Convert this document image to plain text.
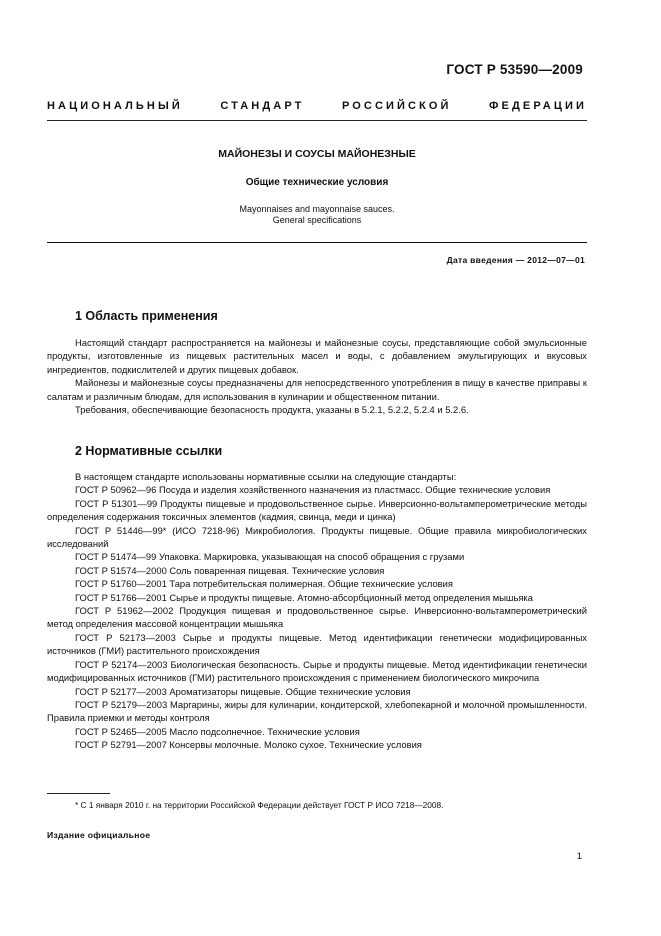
ГОСТ Р 53590—2009
НАЦИОНАЛЬНЫЙ СТАНДАРТ РОССИЙСКОЙ ФЕДЕРАЦИИ
МАЙОНЕЗЫ И СОУСЫ МАЙОНЕЗНЫЕ
Общие технические условия
Mayonnaises and mayonnaise sauces.
General specifications
Дата введения — 2012—07—01
1 Область применения

Настоящий стандарт распространяется на майонезы и майонезные соусы, представляющие собой эмульсионные продукты, изготовленные из пищевых растительных масел и воды, с добавлением эмульгирующих и вкусовых ингредиентов, подкислителей и других пищевых добавок.

Майонезы и майонезные соусы предназначены для непосредственного употребления в пищу в качестве приправы к салатам и различным блюдам, для использования в кулинарии и общественном питании.

Требования, обеспечивающие безопасность продукта, указаны в 5.2.1, 5.2.2, 5.2.4 и 5.2.6.

2 Нормативные ссылки

В настоящем стандарте использованы нормативные ссылки на следующие стандарты:

ГОСТ Р 50962—96 Посуда и изделия хозяйственного назначения из пластмасс. Общие технические условия

ГОСТ Р 51301—99 Продукты пищевые и продовольственное сырье. Инверсионно-вольтамперометрические методы определения содержания токсичных элементов (кадмия, свинца, меди и цинка)

ГОСТ Р 51446—99* (ИСО 7218-96) Микробиология. Продукты пищевые. Общие правила микробиологических исследований

ГОСТ Р 51474—99 Упаковка. Маркировка, указывающая на способ обращения с грузами

ГОСТ Р 51574—2000 Соль поваренная пищевая. Технические условия

ГОСТ Р 51760—2001 Тара потребительская полимерная. Общие технические условия

ГОСТ Р 51766—2001 Сырье и продукты пищевые. Атомно-абсорбционный метод определения мышьяка

ГОСТ Р 51962—2002 Продукция пищевая и продовольственное сырье. Инверсионно-вольтамперометрический метод определения массовой концентрации мышьяка

ГОСТ Р 52173—2003 Сырье и продукты пищевые. Метод идентификации генетически модифицированных источников (ГМИ) растительного происхождения

ГОСТ Р 52174—2003 Биологическая безопасность. Сырье и продукты пищевые. Метод идентификации генетически модифицированных источников (ГМИ) растительного происхождения с применением биологического микрочипа

ГОСТ Р 52177—2003 Ароматизаторы пищевые. Общие технические условия

ГОСТ Р 52179—2003 Маргарины, жиры для кулинарии, кондитерской, хлебопекарной и молочной промышленности. Правила приемки и методы контроля

ГОСТ Р 52465—2005 Масло подсолнечное. Технические условия

ГОСТ Р 52791—2007 Консервы молочные. Молоко сухое. Технические условия

* С 1 января 2010 г. на территории Российской Федерации действует ГОСТ Р ИСО 7218—2008.
Издание официальное
1
